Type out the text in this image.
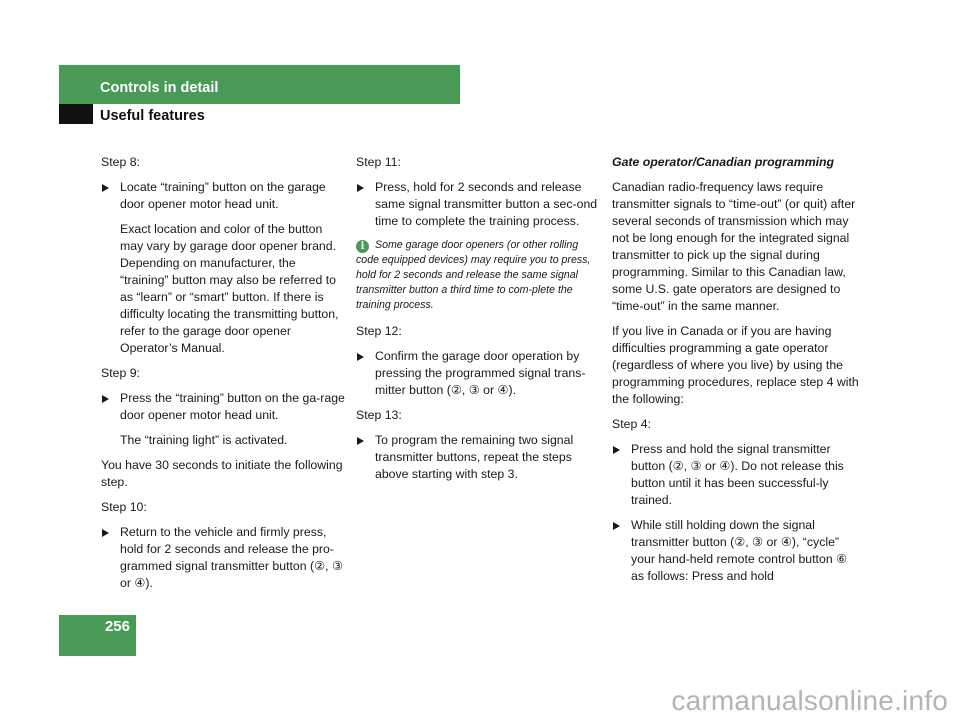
Controls in detail
Useful features

Step 8:

Locate “training” button on the garage door opener motor head unit.

Exact location and color of the button may vary by garage door opener brand. Depending on manufacturer, the “training” button may also be referred to as “learn” or “smart” button. If there is difficulty locating the transmitting button, refer to the garage door opener Operator’s Manual.

Step 9:

Press the “training” button on the ga-rage door opener motor head unit.

The “training light” is activated.

You have 30 seconds to initiate the following step.

Step 10:

Return to the vehicle and firmly press, hold for 2 seconds and release the pro-grammed signal transmitter button (②, ③ or ④).

Step 11:

Press, hold for 2 seconds and release same signal transmitter button a sec-ond time to complete the training process.

i Some garage door openers (or other rolling code equipped devices) may require you to press, hold for 2 seconds and release the same signal transmitter button a third time to com-plete the training process.

Step 12:

Confirm the garage door operation by pressing the programmed signal trans-mitter button (②, ③ or ④).

Step 13:

To program the remaining two signal transmitter buttons, repeat the steps above starting with step 3.

Gate operator/Canadian programming

Canadian radio-frequency laws require transmitter signals to “time-out” (or quit) after several seconds of transmission which may not be long enough for the integrated signal transmitter to pick up the signal during programming. Similar to this Canadian law, some U.S. gate operators are designed to “time-out” in the same manner.

If you live in Canada or if you are having difficulties programming a gate operator (regardless of where you live) by using the programming procedures, replace step 4 with the following:

Step 4:

Press and hold the signal transmitter button (②, ③ or ④). Do not release this button until it has been successful-ly trained.

While still holding down the signal transmitter button (②, ③ or ④), “cycle” your hand-held remote control button ⑥ as follows: Press and hold

256
carmanualsonline.info
